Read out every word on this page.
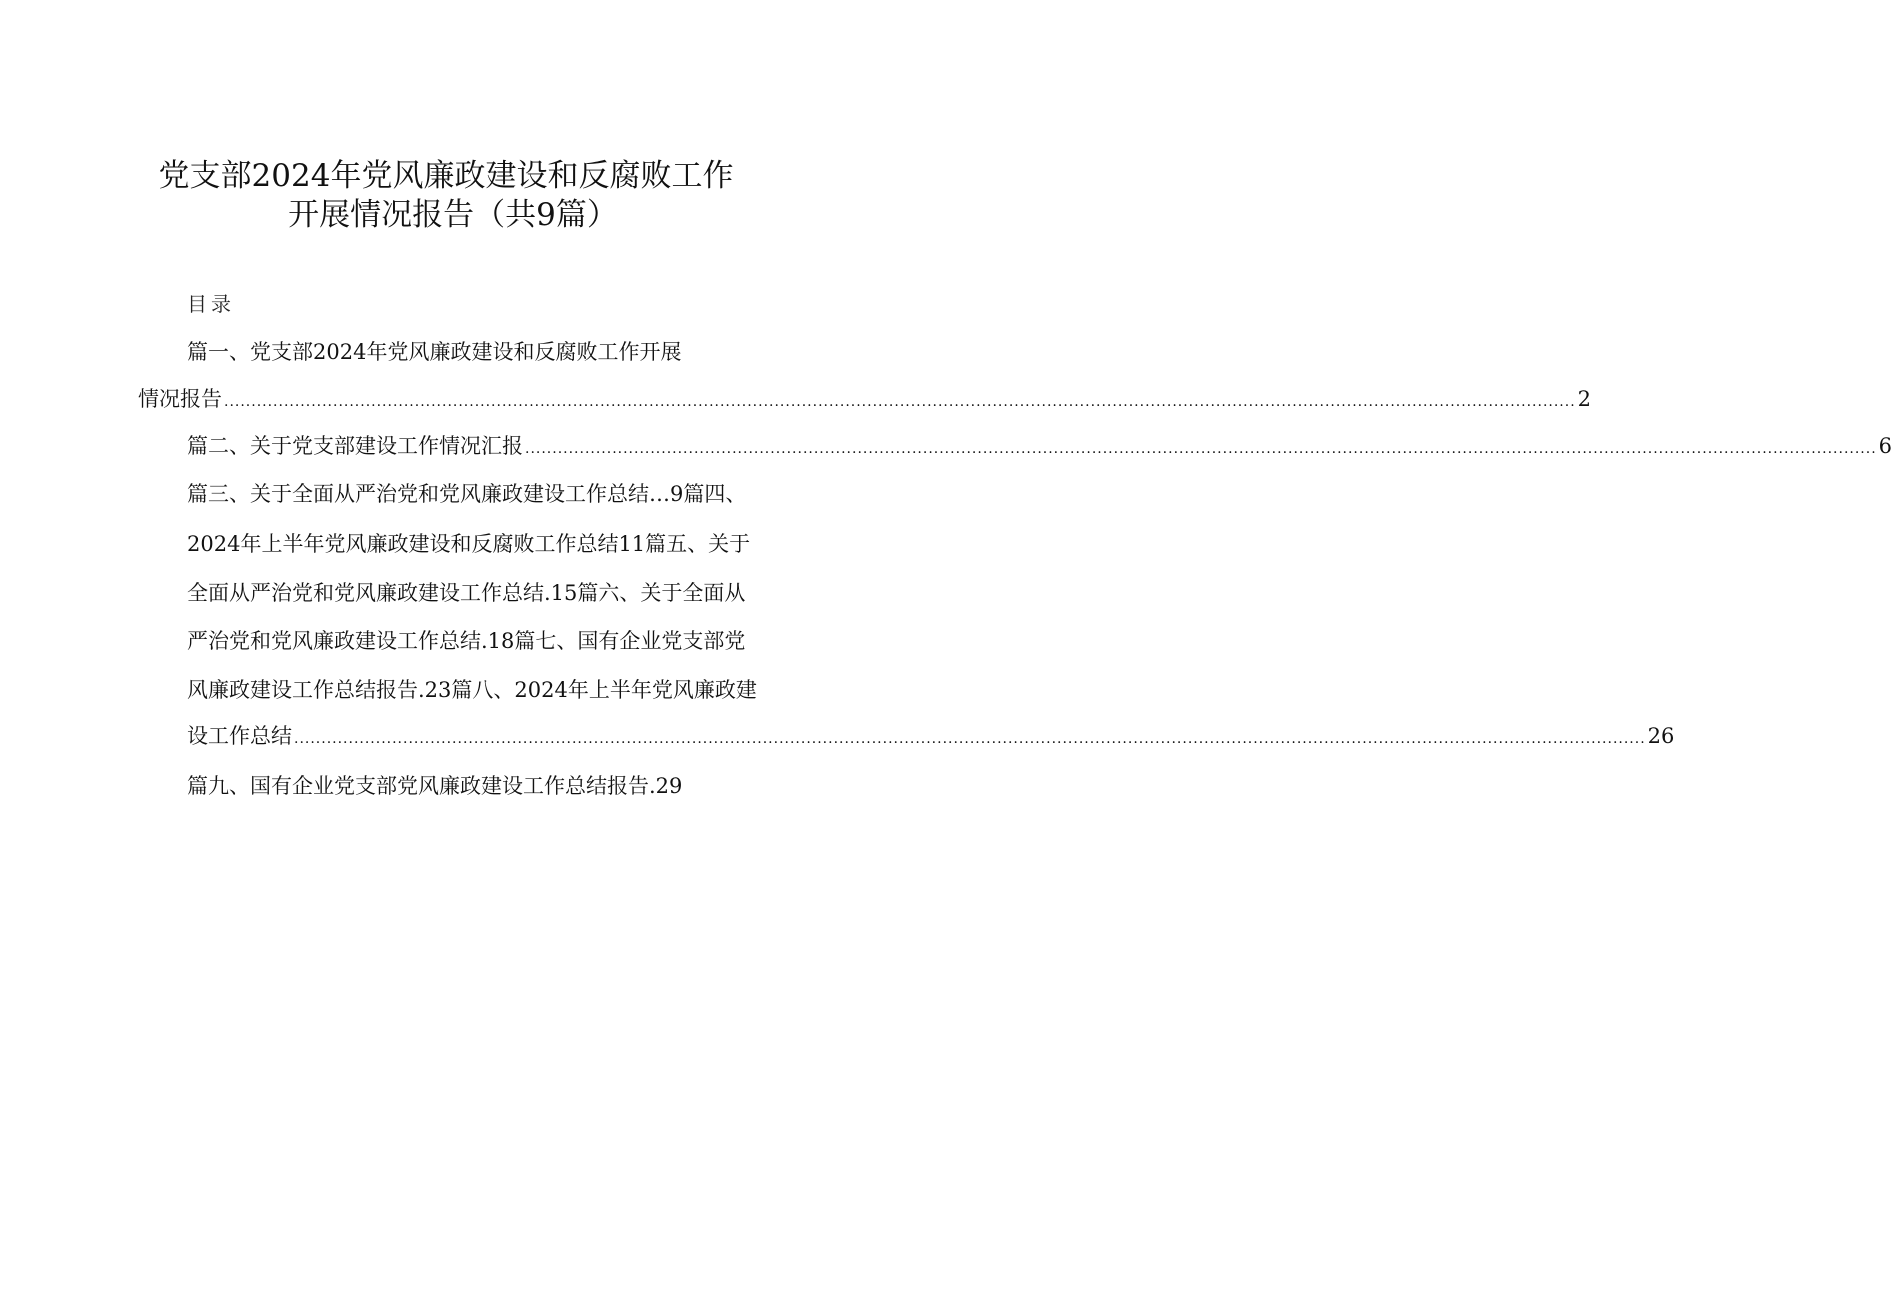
党支部2024年党风廉政建设和反腐败工作
开展情况报告（共9篇）
目录
篇一、党支部2024年党风廉政建设和反腐败工作开展
情况报告 ........................................................................................................................................................................................................................................................ 2
篇二、关于党支部建设工作情况汇报 ........................................................................................................................................................................................................................................................ 6
篇三、关于全面从严治党和党风廉政建设工作总结…9篇四、
2024年上半年党风廉政建设和反腐败工作总结11篇五、关于
全面从严治党和党风廉政建设工作总结.15篇六、关于全面从
严治党和党风廉政建设工作总结.18篇七、国有企业党支部党
风廉政建设工作总结报告.23篇八、2024年上半年党风廉政建
设工作总结 ........................................................................................................................................................................................................................................................ 26
篇九、国有企业党支部党风廉政建设工作总结报告.29
